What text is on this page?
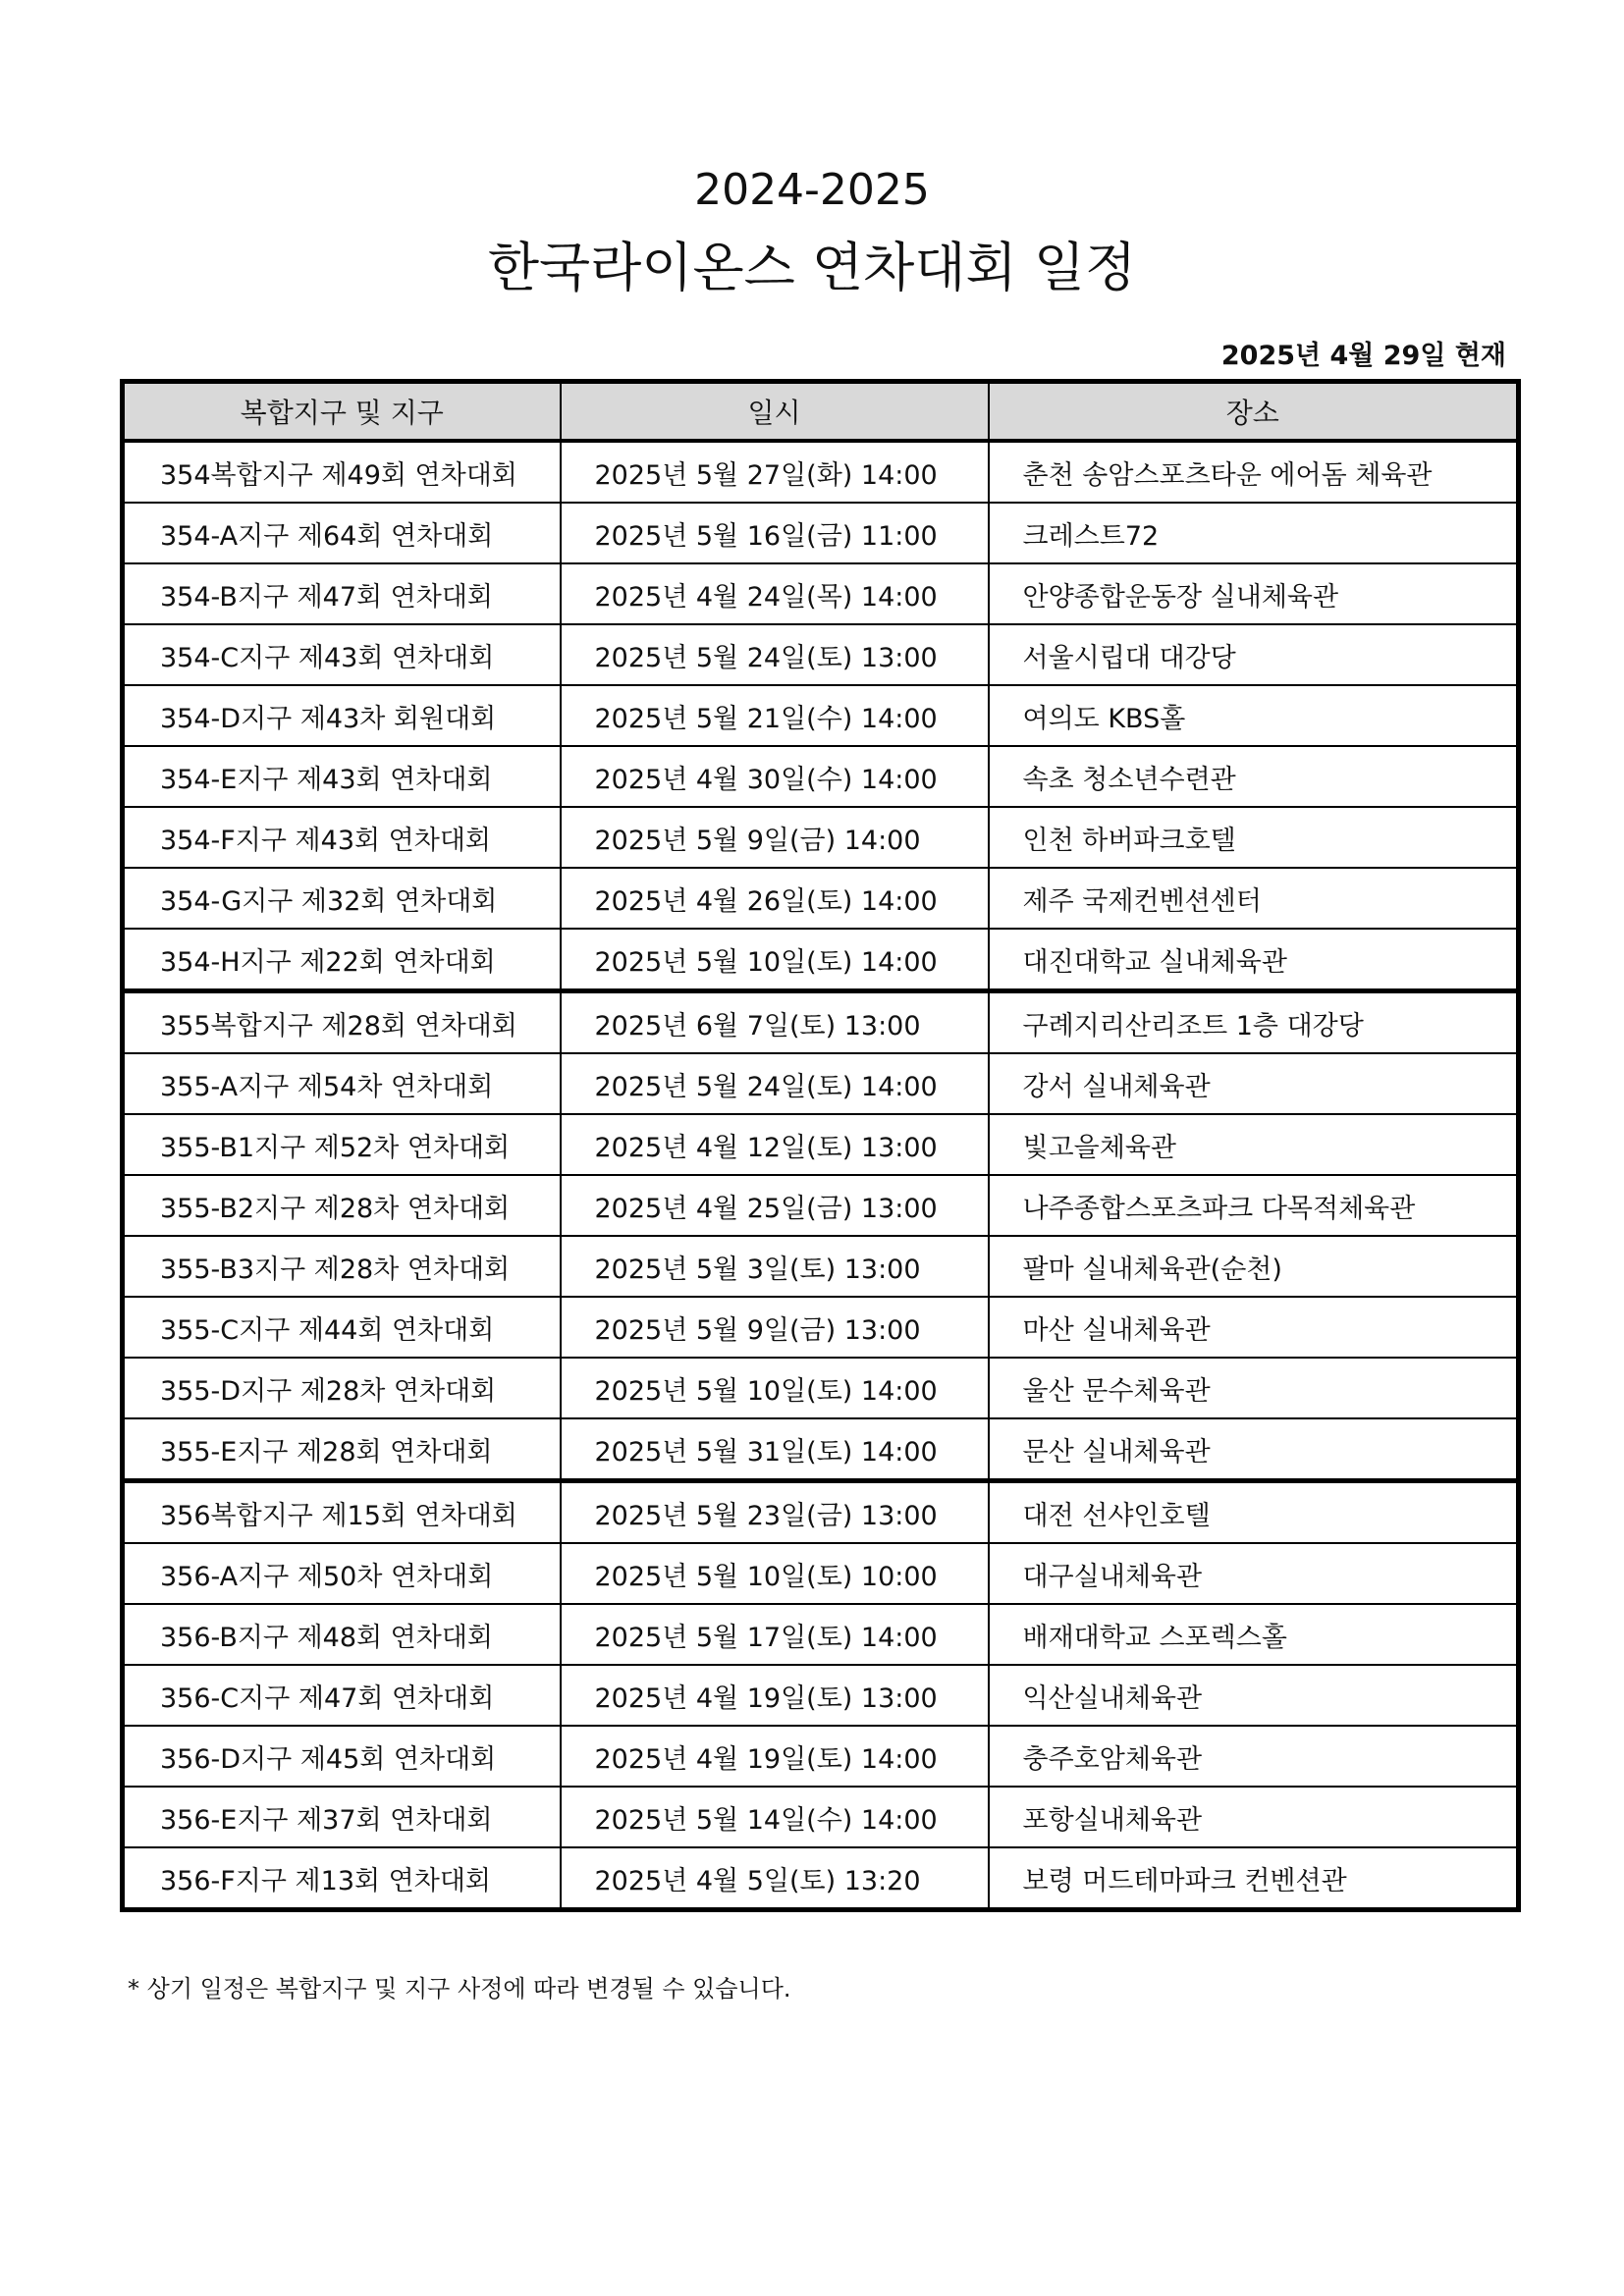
2024-2025
한국라이온스 연차대회 일정
2025년 4월 29일 현재
복합지구 및 지구	일시	장소
354복합지구 제49회 연차대회	2025년 5월 27일(화) 14:00	춘천 송암스포츠타운 에어돔 체육관
354-A지구 제64회 연차대회	2025년 5월 16일(금) 11:00	크레스트72
354-B지구 제47회 연차대회	2025년 4월 24일(목) 14:00	안양종합운동장 실내체육관
354-C지구 제43회 연차대회	2025년 5월 24일(토) 13:00	서울시립대 대강당
354-D지구 제43차 회원대회	2025년 5월 21일(수) 14:00	여의도 KBS홀
354-E지구 제43회 연차대회	2025년 4월 30일(수) 14:00	속초 청소년수련관
354-F지구 제43회 연차대회	2025년 5월 9일(금) 14:00	인천 하버파크호텔
354-G지구 제32회 연차대회	2025년 4월 26일(토) 14:00	제주 국제컨벤션센터
354-H지구 제22회 연차대회	2025년 5월 10일(토) 14:00	대진대학교 실내체육관
355복합지구 제28회 연차대회	2025년 6월 7일(토) 13:00	구례지리산리조트 1층 대강당
355-A지구 제54차 연차대회	2025년 5월 24일(토) 14:00	강서 실내체육관
355-B1지구 제52차 연차대회	2025년 4월 12일(토) 13:00	빛고을체육관
355-B2지구 제28차 연차대회	2025년 4월 25일(금) 13:00	나주종합스포츠파크 다목적체육관
355-B3지구 제28차 연차대회	2025년 5월 3일(토) 13:00	팔마 실내체육관(순천)
355-C지구 제44회 연차대회	2025년 5월 9일(금) 13:00	마산 실내체육관
355-D지구 제28차 연차대회	2025년 5월 10일(토) 14:00	울산 문수체육관
355-E지구 제28회 연차대회	2025년 5월 31일(토) 14:00	문산 실내체육관
356복합지구 제15회 연차대회	2025년 5월 23일(금) 13:00	대전 선샤인호텔
356-A지구 제50차 연차대회	2025년 5월 10일(토) 10:00	대구실내체육관
356-B지구 제48회 연차대회	2025년 5월 17일(토) 14:00	배재대학교 스포렉스홀
356-C지구 제47회 연차대회	2025년 4월 19일(토) 13:00	익산실내체육관
356-D지구 제45회 연차대회	2025년 4월 19일(토) 14:00	충주호암체육관
356-E지구 제37회 연차대회	2025년 5월 14일(수) 14:00	포항실내체육관
356-F지구 제13회 연차대회	2025년 4월 5일(토) 13:20	보령 머드테마파크 컨벤션관
* 상기 일정은 복합지구 및 지구 사정에 따라 변경될 수 있습니다.
